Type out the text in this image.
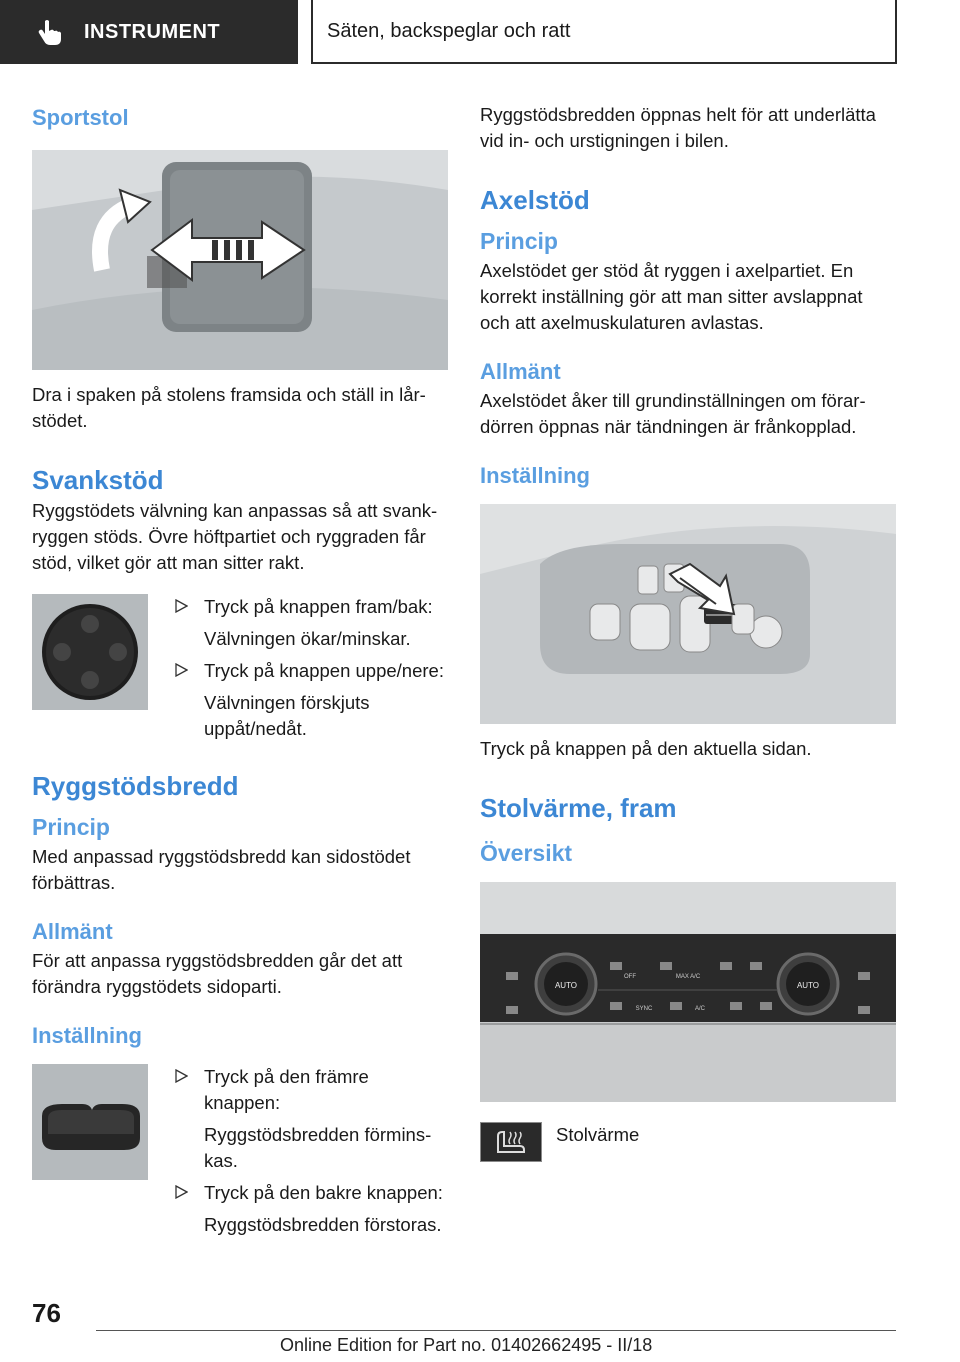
INSTRUMENT	Säten, backspeglar och ratt
Sportstol

Dra i spaken på stolens framsida och ställ in lårstödet.

Svankstöd

Ryggstödets välvning kan anpassas så att svankryggen stöds. Övre höftpartiet och ryggraden får stöd, vilket gör att man sitter rakt.

Tryck på knappen fram/bak:
Välvningen ökar/minskar.
Tryck på knappen uppe/nere:
Välvningen förskjuts uppåt/nedåt.
Ryggstödsbredd
Princip

Med anpassad ryggstödsbredd kan sidostödet förbättras.

Allmänt

För att anpassa ryggstödsbredden går det att förändra ryggstödets sidoparti.

Inställning
Tryck på den främre knappen:
Ryggstödsbredden förminskas.
Tryck på den bakre knappen:
Ryggstödsbredden förstoras.

Ryggstödsbredden öppnas helt för att underlätta vid in- och urstigningen i bilen.

Axelstöd
Princip

Axelstödet ger stöd åt ryggen i axelpartiet. En korrekt inställning gör att man sitter avslappnat och att axelmuskulaturen avlastas.

Allmänt

Axelstödet åker till grundinställningen om förardörren öppnas när tändningen är frånkopplad.

Inställning

Tryck på knappen på den aktuella sidan.

Stolvärme, fram
Översikt
AUTO	AUTO
OFF	MAX A/C
SYNC	A/C

Stolvärme

76
Online Edition for Part no. 01402662495 - II/18
